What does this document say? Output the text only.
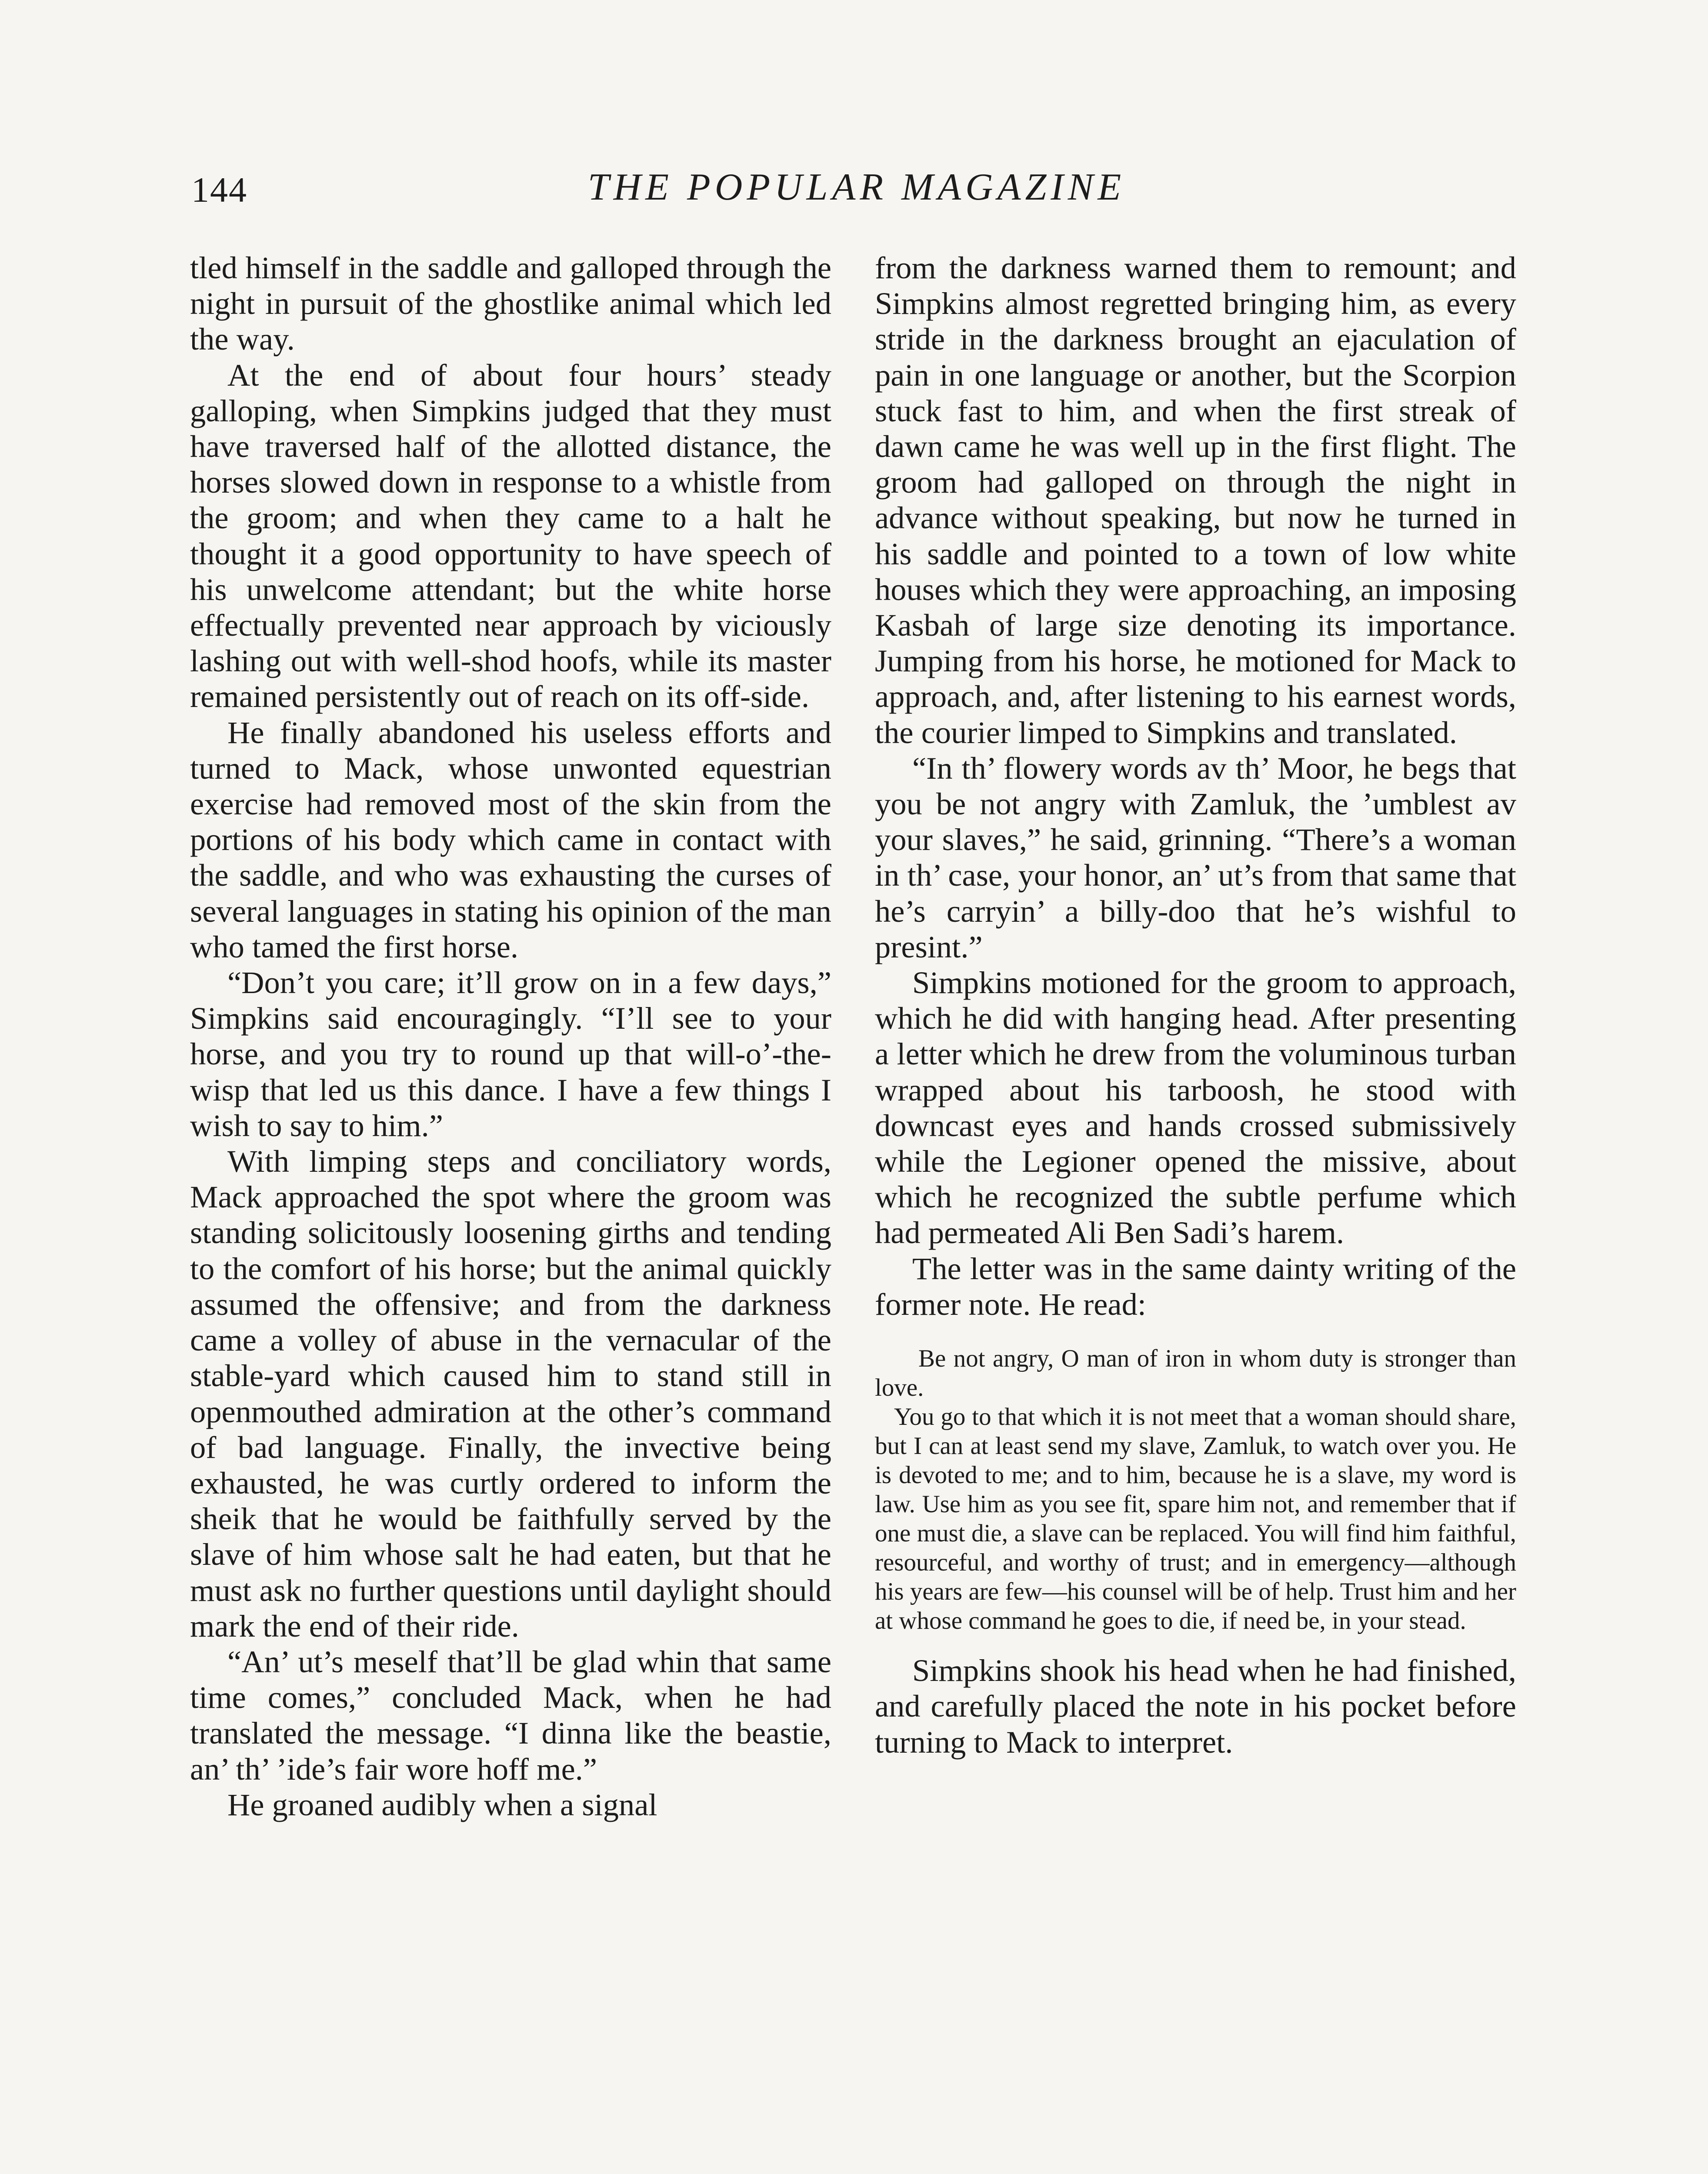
144	THE POPULAR MAGAZINE

tled himself in the saddle and galloped through the night in pursuit of the ghostlike animal which led the way.

At the end of about four hours’ steady galloping, when Simpkins judged that they must have traversed half of the allotted distance, the horses slowed down in response to a whistle from the groom; and when they came to a halt he thought it a good opportunity to have speech of his unwelcome attendant; but the white horse effectually prevented near approach by viciously lashing out with well-shod hoofs, while its master remained persistently out of reach on its off-side.

He finally abandoned his useless efforts and turned to Mack, whose unwonted equestrian exercise had removed most of the skin from the portions of his body which came in contact with the saddle, and who was exhausting the curses of several languages in stating his opinion of the man who tamed the first horse.

“Don’t you care; it’ll grow on in a few days,” Simpkins said encouragingly. “I’ll see to your horse, and you try to round up that will-o’-the-wisp that led us this dance. I have a few things I wish to say to him.”

With limping steps and conciliatory words, Mack approached the spot where the groom was standing solicitously loosening girths and tending to the comfort of his horse; but the animal quickly assumed the offensive; and from the darkness came a volley of abuse in the vernacular of the stable-yard which caused him to stand still in openmouthed admiration at the other’s command of bad language. Finally, the invective being exhausted, he was curtly ordered to inform the sheik that he would be faithfully served by the slave of him whose salt he had eaten, but that he must ask no further questions until daylight should mark the end of their ride.

“An’ ut’s meself that’ll be glad whin that same time comes,” concluded Mack, when he had translated the message. “I dinna like the beastie, an’ th’ ’ide’s fair wore hoff me.”

He groaned audibly when a signal

from the darkness warned them to remount; and Simpkins almost regretted bringing him, as every stride in the darkness brought an ejaculation of pain in one language or another, but the Scorpion stuck fast to him, and when the first streak of dawn came he was well up in the first flight. The groom had galloped on through the night in advance without speaking, but now he turned in his saddle and pointed to a town of low white houses which they were approaching, an imposing Kasbah of large size denoting its importance. Jumping from his horse, he motioned for Mack to approach, and, after listening to his earnest words, the courier limped to Simpkins and translated.

“In th’ flowery words av th’ Moor, he begs that you be not angry with Zamluk, the ’umblest av your slaves,” he said, grinning. “There’s a woman in th’ case, your honor, an’ ut’s from that same that he’s carryin’ a billy-doo that he’s wishful to presint.”

Simpkins motioned for the groom to approach, which he did with hanging head. After presenting a letter which he drew from the voluminous turban wrapped about his tarboosh, he stood with downcast eyes and hands crossed submissively while the Legioner opened the missive, about which he recognized the subtle perfume which had permeated Ali Ben Sadi’s harem.

The letter was in the same dainty writing of the former note. He read:

Be not angry, O man of iron in whom duty is stronger than love.

You go to that which it is not meet that a woman should share, but I can at least send my slave, Zamluk, to watch over you. He is devoted to me; and to him, because he is a slave, my word is law. Use him as you see fit, spare him not, and remember that if one must die, a slave can be replaced. You will find him faithful, resourceful, and worthy of trust; and in emergency—although his years are few—his counsel will be of help. Trust him and her at whose command he goes to die, if need be, in your stead.

Simpkins shook his head when he had finished, and carefully placed the note in his pocket before turning to Mack to interpret.
